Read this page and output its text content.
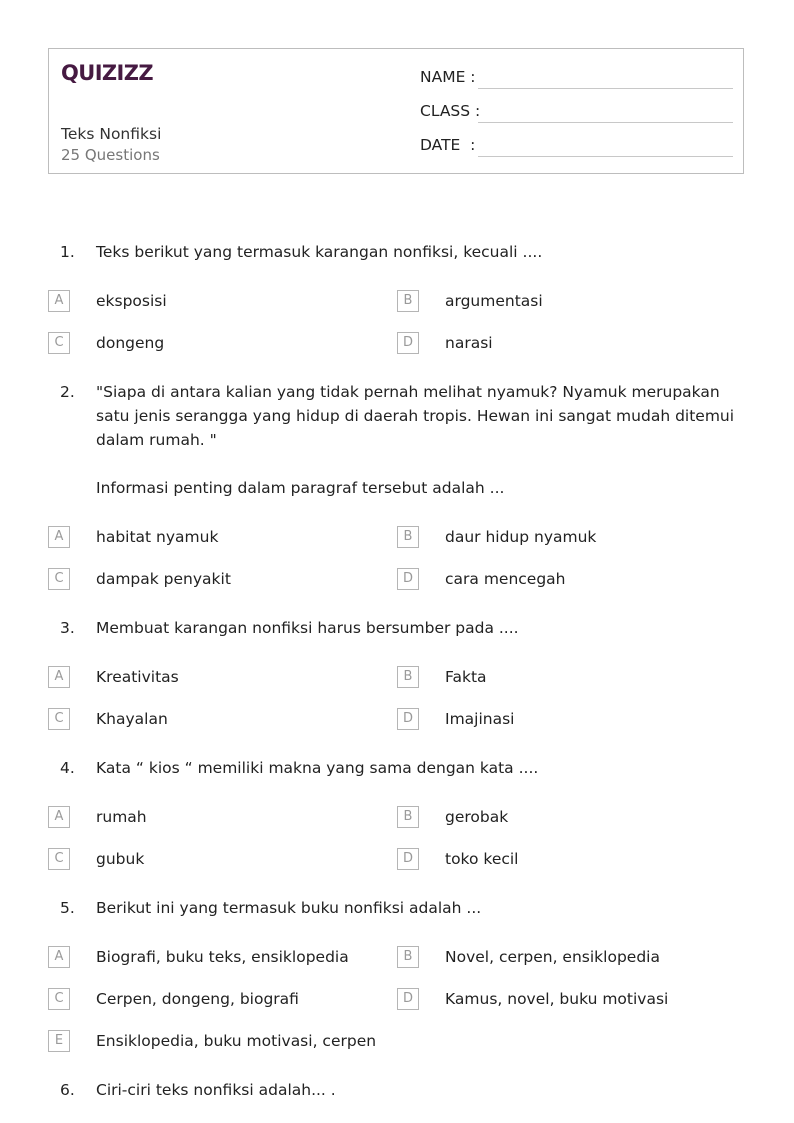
QUIZIZZ
Teks Nonfiksi
25 Questions
NAME :
CLASS :
DATE  :
1. Teks berikut yang termasuk karangan nonfiksi, kecuali ....
A	eksposisi	B	argumentasi
C	dongeng	D	narasi
2. "Siapa di antara kalian yang tidak pernah melihat nyamuk? Nyamuk merupakan satu jenis serangga yang hidup di daerah tropis. Hewan ini sangat mudah ditemui dalam rumah. "

Informasi penting dalam paragraf tersebut adalah ...
A	habitat nyamuk	B	daur hidup nyamuk
C	dampak penyakit	D	cara mencegah
3. Membuat karangan nonfiksi harus bersumber pada ....
A	Kreativitas	B	Fakta
C	Khayalan	D	Imajinasi
4. Kata “ kios “ memiliki makna yang sama dengan kata ....
A	rumah	B	gerobak
C	gubuk	D	toko kecil
5. Berikut ini yang termasuk buku nonfiksi adalah ...
A	Biografi, buku teks, ensiklopedia	B	Novel, cerpen, ensiklopedia
C	Cerpen, dongeng, biografi	D	Kamus, novel, buku motivasi
E	Ensiklopedia, buku motivasi, cerpen
6. Ciri-ciri teks nonfiksi adalah... .
